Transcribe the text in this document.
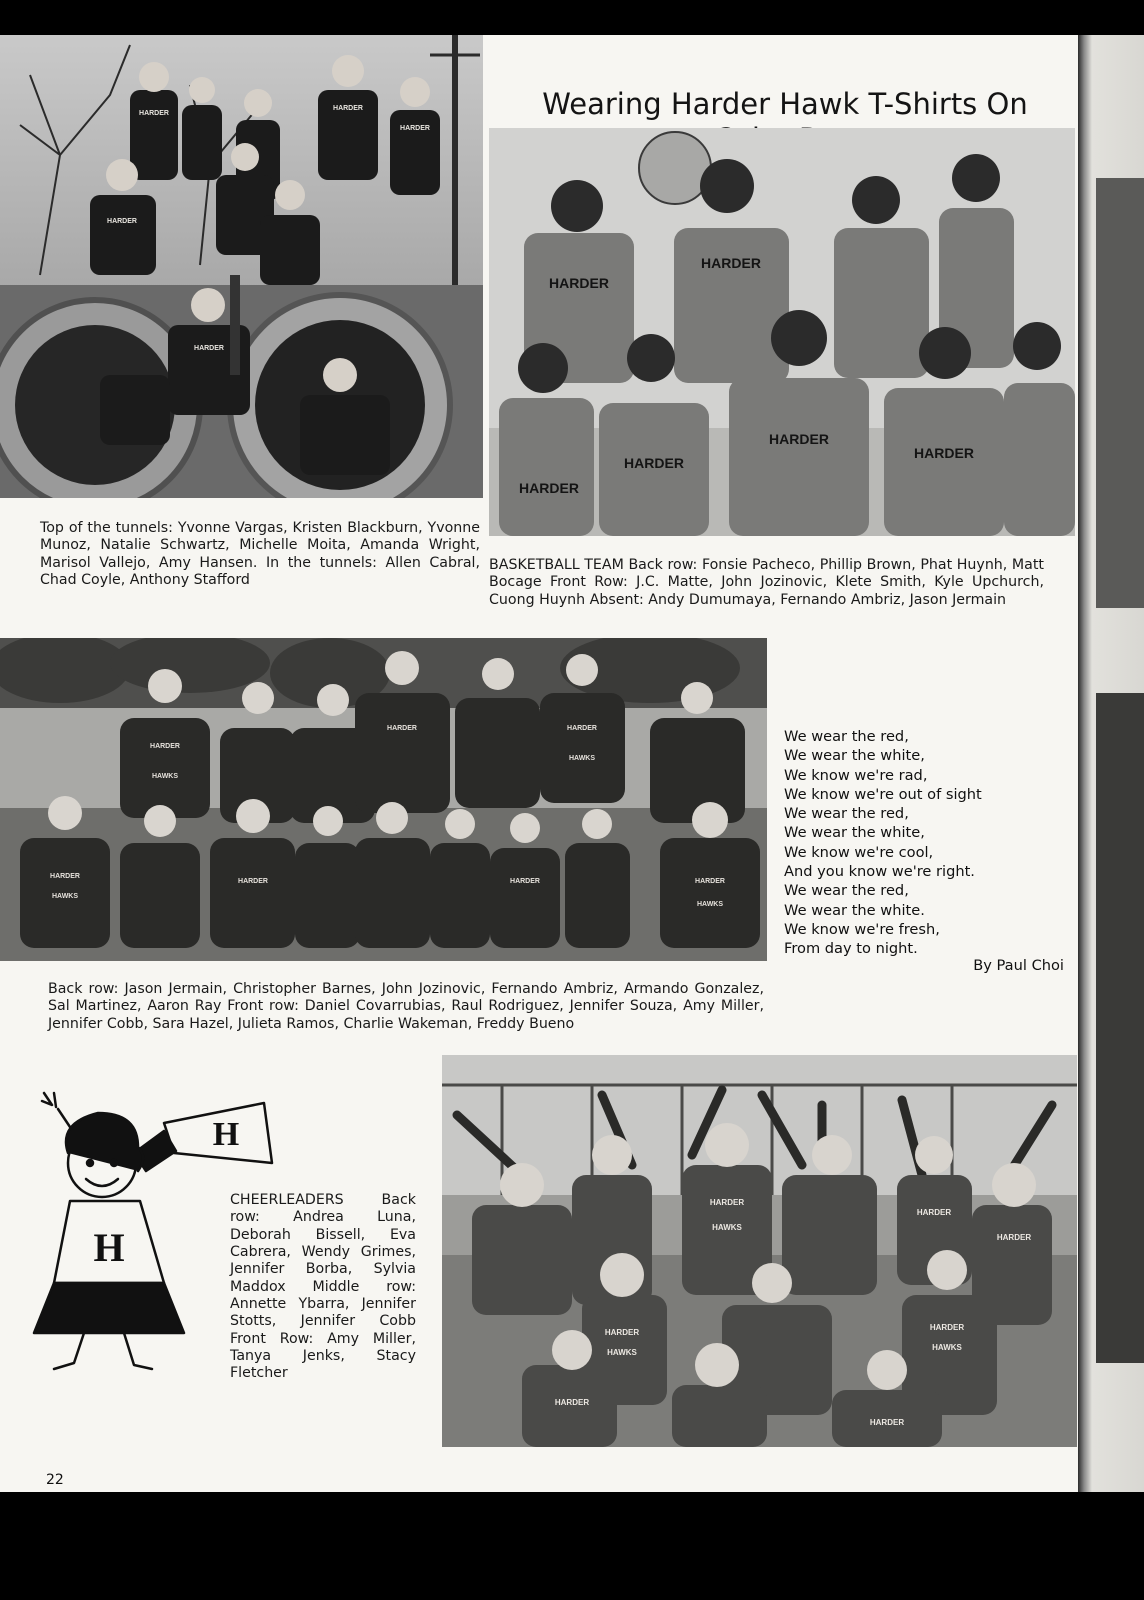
HARDER
HARDER
HARDER
HARDER
HARDER
Wearing Harder Hawk T-Shirts On
HARDER
HARDER
HARDER
HARDER
HARDER
HARDER
Top of the tunnels: Yvonne Vargas, Kristen Blackburn, Yvonne Munoz, Natalie Schwartz, Michelle Moita, Amanda Wright, Marisol Vallejo, Amy Hansen. In the tunnels: Allen Cabral, Chad Coyle, Anthony Stafford
BASKETBALL TEAM Back row: Fonsie Pacheco, Phillip Brown, Phat Huynh, Matt Bocage Front Row: J.C. Matte, John Jozinovic, Klete Smith, Kyle Upchurch, Cuong Huynh Absent: Andy Dumumaya, Fernando Ambriz, Jason Jermain
HARDER
HAWKS
HARDER	HARDER
HAWKS
HARDER
HAWKS
HARDER	HARDER	HARDER
HAWKS
We wear the red,
We wear the white,
We know we're rad,
We know we're out of sight
We wear the red,
We wear the white,
We know we're cool,
And you know we're right.
We wear the red,
We wear the white.
We know we're fresh,
From day to night.
By Paul Choi
Back row: Jason Jermain, Christopher Barnes, John Jozinovic, Fernando Ambriz, Armando Gonzalez, Sal Martinez, Aaron Ray Front row: Daniel Covarrubias, Raul Rodriguez, Jennifer Souza, Amy Miller, Jennifer Cobb, Sara Hazel, Julieta Ramos, Charlie Wakeman, Freddy Bueno
H
H
CHEERLEADERS Back row: Andrea Luna, Deborah Bissell, Eva Cabrera, Wendy Grimes, Jennifer Borba, Sylvia Maddox Middle row: Annette Ybarra, Jennifer Stotts, Jennifer Cobb Front Row: Amy Miller, Tanya Jenks, Stacy Fletcher
HARDER
HAWKS
HARDER
HAWKS
HARDER
HAWKS
HARDER
HARDER
HARDER
HARDER
22
